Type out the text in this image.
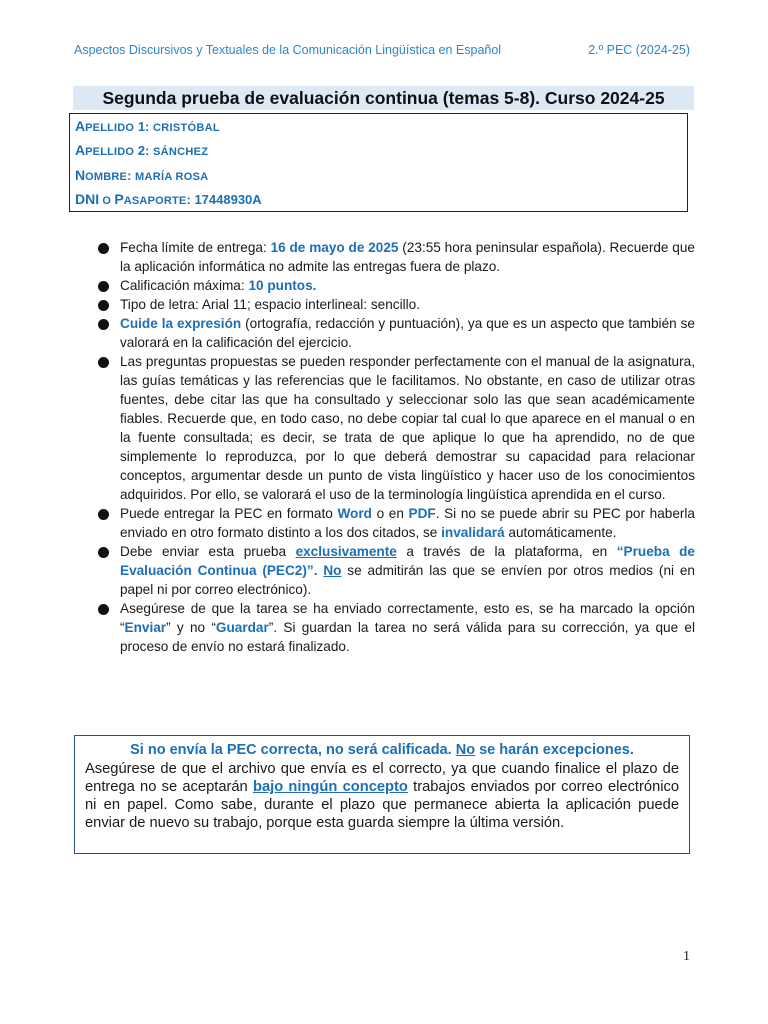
Aspectos Discursivos y Textuales de la Comunicación Lingüística en Español	2.º PEC (2024-25)
Segunda prueba de evaluación continua (temas 5-8). Curso 2024-25
APELLIDO 1: CRISTÓBAL
APELLIDO 2: SÁNCHEZ
NOMBRE: MARÍA ROSA
DNI O PASAPORTE: 17448930A
Fecha límite de entrega: 16 de mayo de 2025 (23:55 hora peninsular española). Recuerde que la aplicación informática no admite las entregas fuera de plazo.
Calificación máxima: 10 puntos.
Tipo de letra: Arial 11; espacio interlineal: sencillo.
Cuide la expresión (ortografía, redacción y puntuación), ya que es un aspecto que también se valorará en la calificación del ejercicio.
Las preguntas propuestas se pueden responder perfectamente con el manual de la asignatura, las guías temáticas y las referencias que le facilitamos. No obstante, en caso de utilizar otras fuentes, debe citar las que ha consultado y seleccionar solo las que sean académicamente fiables. Recuerde que, en todo caso, no debe copiar tal cual lo que aparece en el manual o en la fuente consultada; es decir, se trata de que aplique lo que ha aprendido, no de que simplemente lo reproduzca, por lo que deberá demostrar su capacidad para relacionar conceptos, argumentar desde un punto de vista lingüístico y hacer uso de los conocimientos adquiridos. Por ello, se valorará el uso de la terminología lingüística aprendida en el curso.
Puede entregar la PEC en formato Word o en PDF. Si no se puede abrir su PEC por haberla enviado en otro formato distinto a los dos citados, se invalidará automáticamente.
Debe enviar esta prueba exclusivamente a través de la plataforma, en “Prueba de Evaluación Continua (PEC2)”. No se admitirán las que se envíen por otros medios (ni en papel ni por correo electrónico).
Asegúrese de que la tarea se ha enviado correctamente, esto es, se ha marcado la opción “Enviar” y no “Guardar”. Si guardan la tarea no será válida para su corrección, ya que el proceso de envío no estará finalizado.
Si no envía la PEC correcta, no será calificada. No se harán excepciones.
Asegúrese de que el archivo que envía es el correcto, ya que cuando finalice el plazo de entrega no se aceptarán bajo ningún concepto trabajos enviados por correo electrónico ni en papel. Como sabe, durante el plazo que permanece abierta la aplicación puede enviar de nuevo su trabajo, porque esta guarda siempre la última versión.
1
